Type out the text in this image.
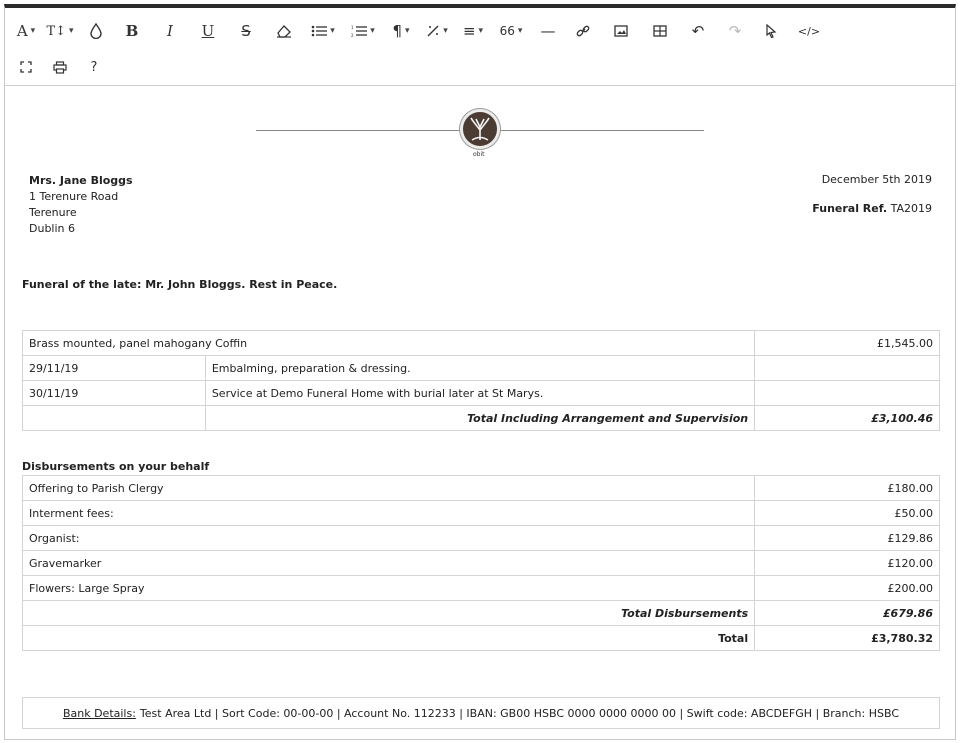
A ▾ T↕ ▾	B	I	U	S	▾	1
2 ▾	¶ ▾	▾	≡ ▾	66 ▾	—	↶	↷	</>
?
obit
Mrs. Jane Bloggs
1 Terenure Road
Terenure
Dublin 6
December 5th 2019
Funeral Ref. TA2019
Funeral of the late: Mr. John Bloggs. Rest in Peace.
Brass mounted, panel mahogany Coffin		£1,545.00
29/11/19	Embalming, preparation & dressing.	
30/11/19	Service at Demo Funeral Home with burial later at St Marys.	
	Total Including Arrangement and Supervision	£3,100.46
Disbursements on your behalf
Offering to Parish Clergy	£180.00
Interment fees:	£50.00
Organist:	£129.86
Gravemarker	£120.00
Flowers: Large Spray	£200.00
Total Disbursements	£679.86
Total	£3,780.32
Bank Details: Test Area Ltd | Sort Code: 00-00-00 | Account No. 112233 | IBAN: GB00 HSBC 0000 0000 0000 00 | Swift code: ABCDEFGH | Branch: HSBC
